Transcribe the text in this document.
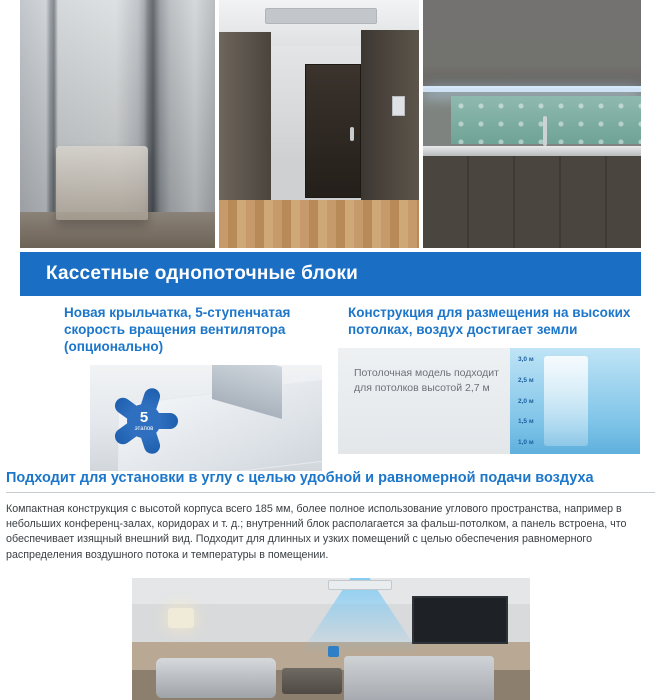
Кассетные однопоточные блоки
Новая крыльчатка, 5-ступенчатая скорость вращения вентилятора (опционально)
5
этапов
Конструкция для размещения на высоких потолках, воздух достигает земли
Потолочная модель подходит для потолков высотой 2,7 м
3,0 м
2,5 м
2,0 м
1,5 м
1,0 м
Подходит для установки в углу с целью удобной и равномерной подачи воздуха
Компактная конструкция с высотой корпуса всего 185 мм, более полное использование углового пространства, например в небольших конференц-залах, коридорах и т. д.; внутренний блок располагается за фальш-потолком, а панель встроена, что обеспечивает изящный внешний вид. Подходит для длинных и узких помещений с целью обеспечения равномерного распределения воздушного потока и температуры в помещении.
